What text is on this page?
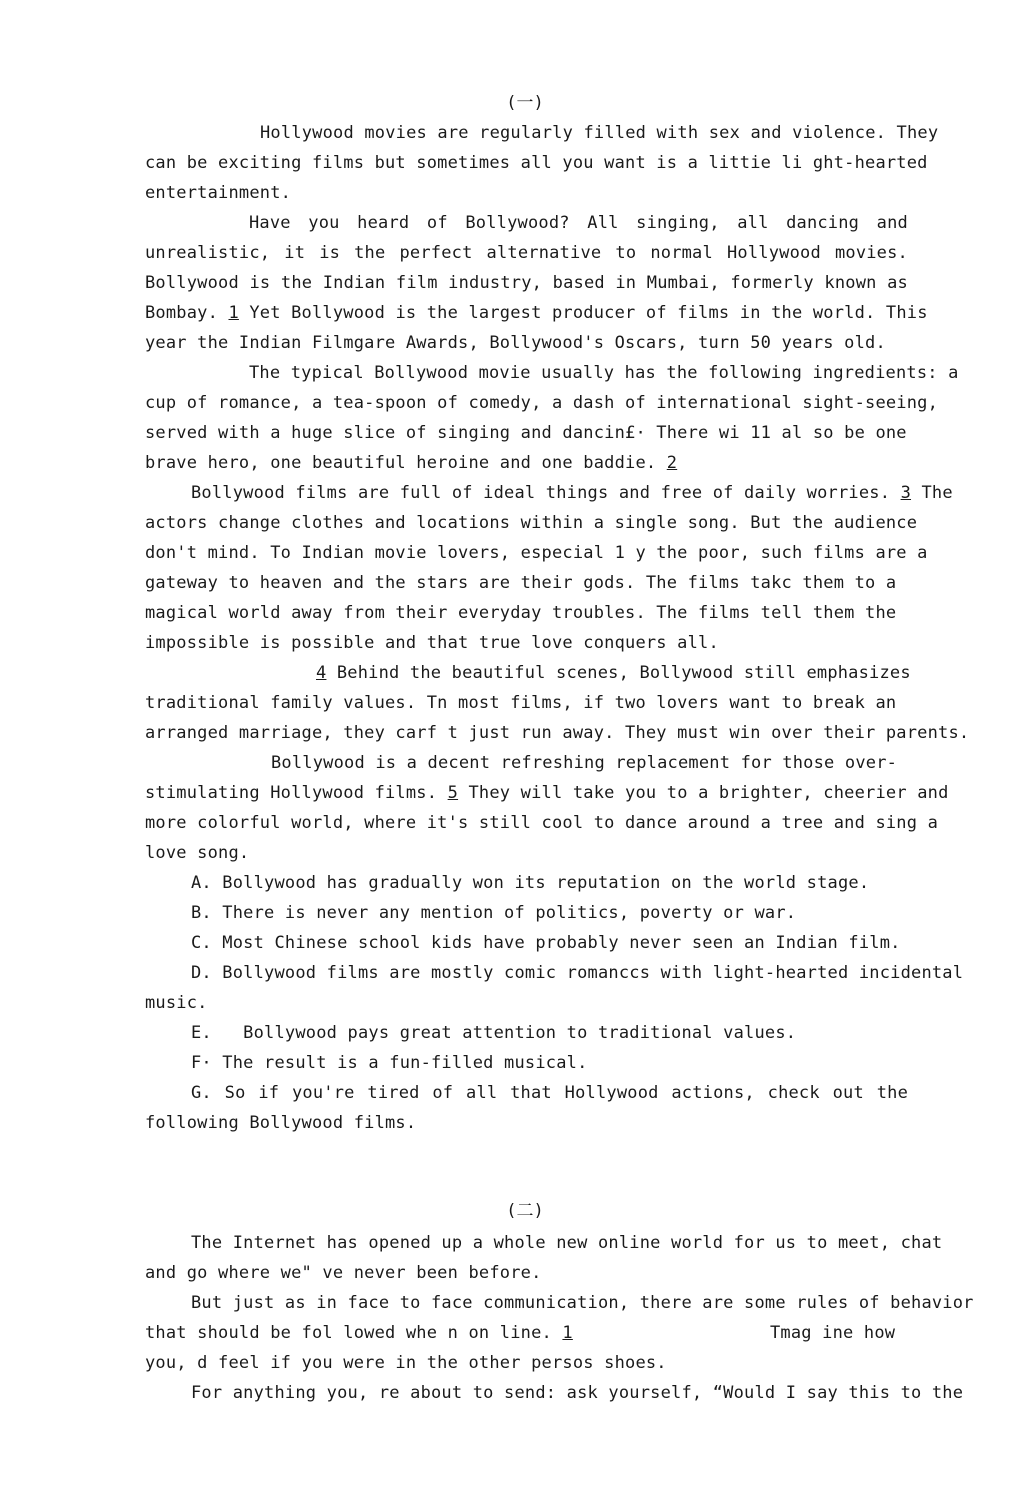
(一)
Hollywood movies are regularly filled with sex and violence. They
can be exciting films but sometimes all you want is a littie li ght-hearted
entertainment.
Have you heard of Bollywood? All singing, all dancing and
unrealistic, it is the perfect alternative to normal Hollywood movies.
Bollywood is the Indian film industry, based in Mumbai, formerly known as
Bombay. 1 Yet Bollywood is the largest producer of films in the world. This
year the Indian Filmgare Awards, Bollywood's Oscars, turn 50 years old.
The typical Bollywood movie usually has the following ingredients: a
cup of romance, a tea-spoon of comedy, a dash of international sight-seeing,
served with a huge slice of singing and dancin£· There wi 11 al so be one
brave hero, one beautiful heroine and one baddie. 2
Bollywood films are full of ideal things and free of daily worries. 3 The
actors change clothes and locations within a single song. But the audience
don't mind. To Indian movie lovers, especial 1 y the poor, such films are a
gateway to heaven and the stars are their gods. The films takc them to a
magical world away from their everyday troubles. The films tell them the
impossible is possible and that true love conquers all.
4 Behind the beautiful scenes, Bollywood still emphasizes
traditional family values. Tn most films, if two lovers want to break an
arranged marriage, they carf t just run away. They must win over their parents.
Bollywood is a decent refreshing replacement for those over-
stimulating Hollywood films. 5 They will take you to a brighter, cheerier and
more colorful world, where it's still cool to dance around a tree and sing a
love song.
A. Bollywood has gradually won its reputation on the world stage.
B. There is never any mention of politics, poverty or war.
C. Most Chinese school kids have probably never seen an Indian film.
D. Bollywood films are mostly comic romanccs with light-hearted incidental
music.
E.   Bollywood pays great attention to traditional values.
F· The result is a fun-filled musical.
G. So if you're tired of all that Hollywood actions, check out the
following Bollywood films.
(二)
The Internet has opened up a whole new online world for us to meet, chat
and go where we" ve never been before.
But just as in face to face communication, there are some rules of behavior
that should be fol lowed whe n on line. 1	Tmag ine how
you, d feel if you were in the other persos shoes.
For anything you, re about to send: ask yourself, “Would I say this to the
